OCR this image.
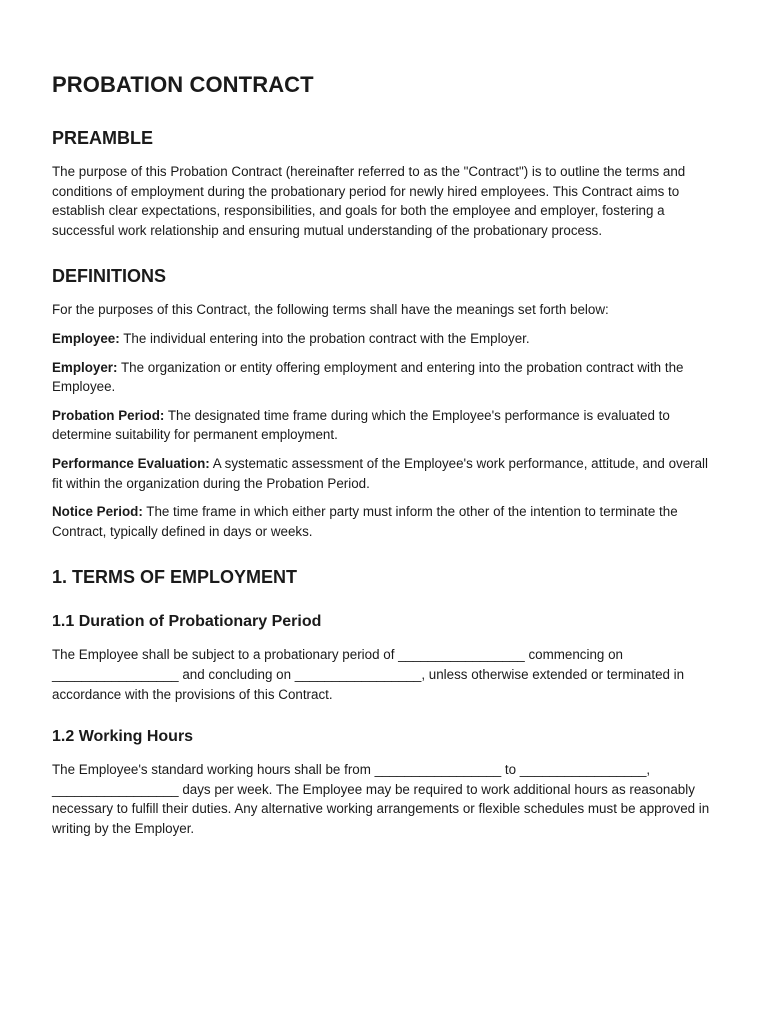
PROBATION CONTRACT
PREAMBLE

The purpose of this Probation Contract (hereinafter referred to as the "Contract") is to outline the terms and conditions of employment during the probationary period for newly hired employees. This Contract aims to establish clear expectations, responsibilities, and goals for both the employee and employer, fostering a successful work relationship and ensuring mutual understanding of the probationary process.

DEFINITIONS

For the purposes of this Contract, the following terms shall have the meanings set forth below:

Employee: The individual entering into the probation contract with the Employer.

Employer: The organization or entity offering employment and entering into the probation contract with the Employee.

Probation Period: The designated time frame during which the Employee's performance is evaluated to determine suitability for permanent employment.

Performance Evaluation: A systematic assessment of the Employee's work performance, attitude, and overall fit within the organization during the Probation Period.

Notice Period: The time frame in which either party must inform the other of the intention to terminate the Contract, typically defined in days or weeks.

1. TERMS OF EMPLOYMENT
1.1 Duration of Probationary Period

The Employee shall be subject to a probationary period of _________________ commencing on _________________ and concluding on _________________, unless otherwise extended or terminated in accordance with the provisions of this Contract.

1.2 Working Hours

The Employee's standard working hours shall be from _________________ to _________________, _________________ days per week. The Employee may be required to work additional hours as reasonably necessary to fulfill their duties. Any alternative working arrangements or flexible schedules must be approved in writing by the Employer.
